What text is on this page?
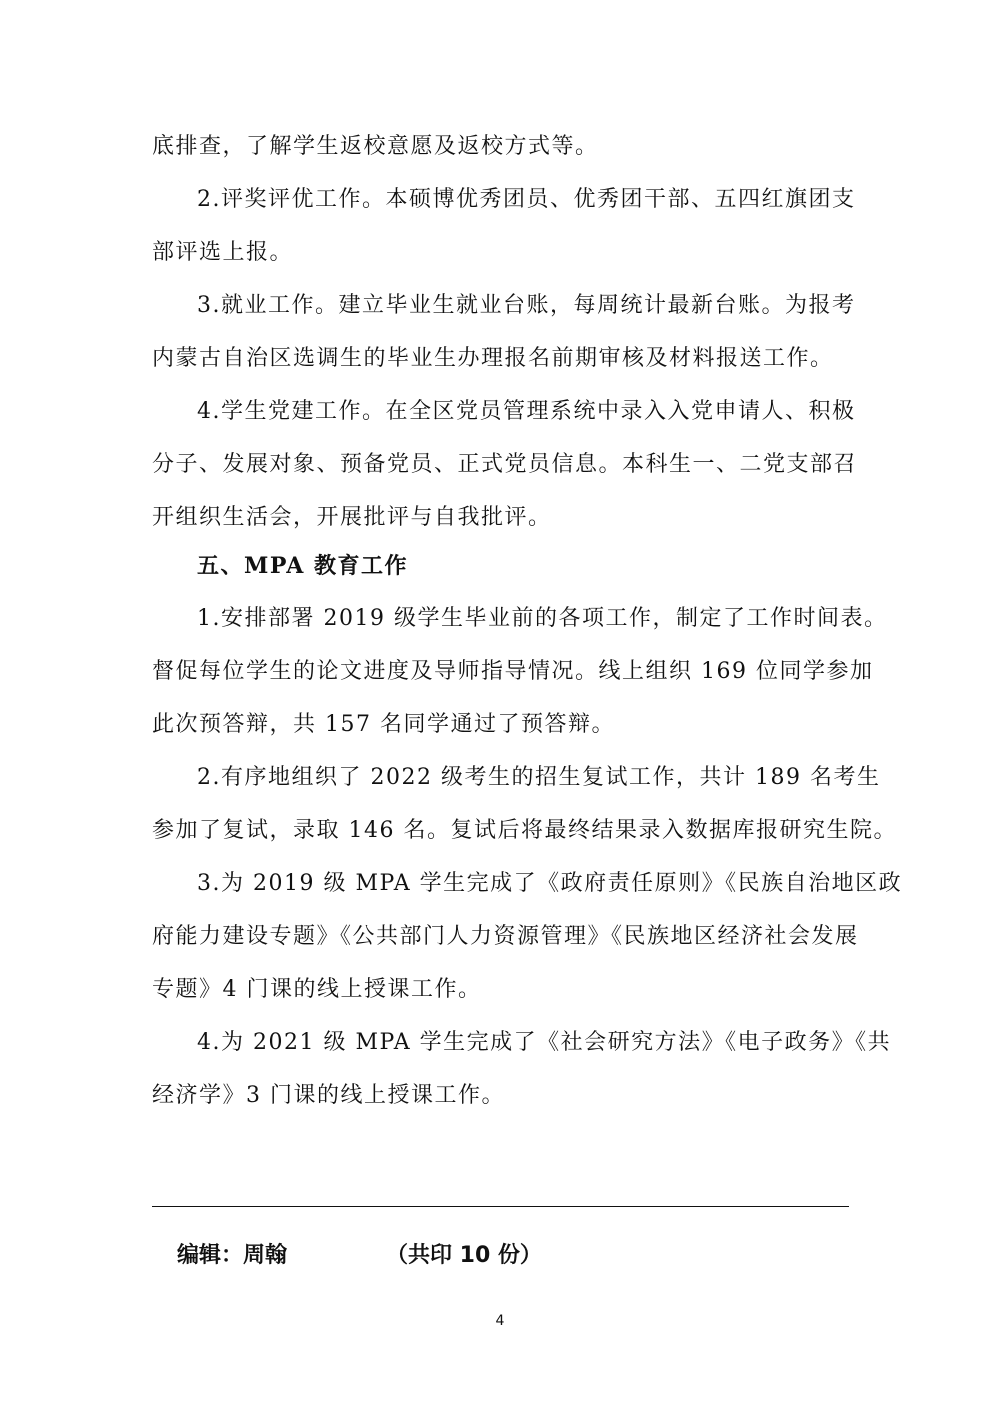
底排查，了解学生返校意愿及返校方式等。
2.评奖评优工作。本硕博优秀团员、优秀团干部、五四红旗团支
部评选上报。
3.就业工作。建立毕业生就业台账，每周统计最新台账。为报考
内蒙古自治区选调生的毕业生办理报名前期审核及材料报送工作。
4.学生党建工作。在全区党员管理系统中录入入党申请人、积极
分子、发展对象、预备党员、正式党员信息。本科生一、二党支部召
开组织生活会，开展批评与自我批评。
五、MPA 教育工作
1.安排部署 2019 级学生毕业前的各项工作，制定了工作时间表。
督促每位学生的论文进度及导师指导情况。线上组织 169 位同学参加
此次预答辩，共 157 名同学通过了预答辩。
2.有序地组织了 2022 级考生的招生复试工作，共计 189 名考生
参加了复试，录取 146 名。复试后将最终结果录入数据库报研究生院。
3.为 2019 级 MPA 学生完成了《政府责任原则》《民族自治地区政
府能力建设专题》《公共部门人力资源管理》《民族地区经济社会发展
专题》4 门课的线上授课工作。
4.为 2021 级 MPA 学生完成了《社会研究方法》《电子政务》《共
经济学》3 门课的线上授课工作。
编辑：周翰	（共印 10 份）
4
